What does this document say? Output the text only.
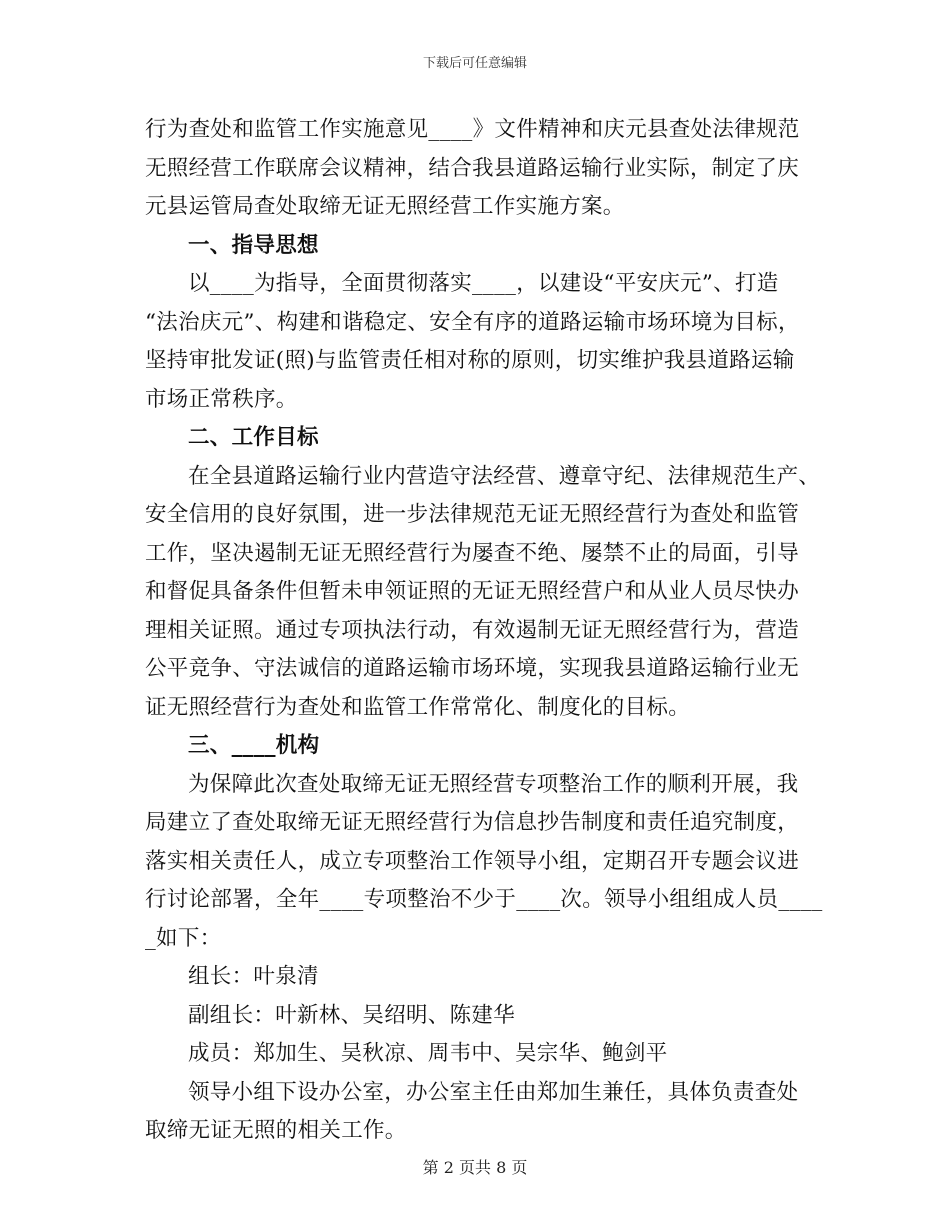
下载后可任意编辑
行为查处和监管工作实施意见____》文件精神和庆元县查处法律规范
无照经营工作联席会议精神，结合我县道路运输行业实际，制定了庆
元县运管局查处取缔无证无照经营工作实施方案。
一、指导思想
以____为指导，全面贯彻落实____，以建设“平安庆元”、打造
“法治庆元”、构建和谐稳定、安全有序的道路运输市场环境为目标，
坚持审批发证(照)与监管责任相对称的原则，切实维护我县道路运输
市场正常秩序。
二、工作目标
在全县道路运输行业内营造守法经营、遵章守纪、法律规范生产、
安全信用的良好氛围，进一步法律规范无证无照经营行为查处和监管
工作，坚决遏制无证无照经营行为屡查不绝、屡禁不止的局面，引导
和督促具备条件但暂未申领证照的无证无照经营户和从业人员尽快办
理相关证照。通过专项执法行动，有效遏制无证无照经营行为，营造
公平竞争、守法诚信的道路运输市场环境，实现我县道路运输行业无
证无照经营行为查处和监管工作常常化、制度化的目标。
三、____机构
为保障此次查处取缔无证无照经营专项整治工作的顺利开展，我
局建立了查处取缔无证无照经营行为信息抄告制度和责任追究制度，
落实相关责任人，成立专项整治工作领导小组，定期召开专题会议进
行讨论部署，全年____专项整治不少于____次。领导小组组成人员____
_如下：
组长：叶泉清
副组长：叶新林、吴绍明、陈建华
成员：郑加生、吴秋凉、周韦中、吴宗华、鲍剑平
领导小组下设办公室，办公室主任由郑加生兼任，具体负责查处
取缔无证无照的相关工作。
第 2 页共 8 页
